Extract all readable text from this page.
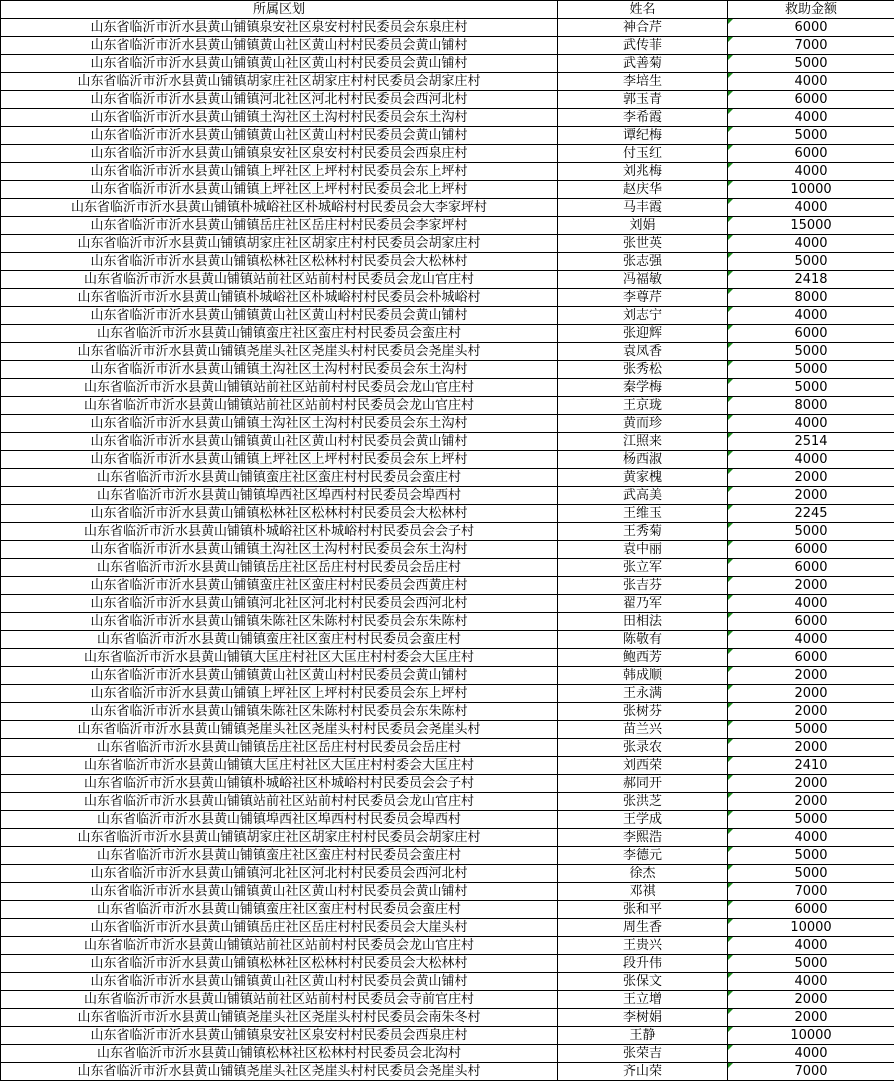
所属区划	姓名	救助金额
山东省临沂市沂水县黄山铺镇泉安社区泉安村村民委员会东泉庄村	神合芹	6000
山东省临沂市沂水县黄山铺镇黄山社区黄山村村民委员会黄山铺村	武传菲	7000
山东省临沂市沂水县黄山铺镇黄山社区黄山村村民委员会黄山铺村	武善菊	5000
山东省临沂市沂水县黄山铺镇胡家庄社区胡家庄村村民委员会胡家庄村	李培生	4000
山东省临沂市沂水县黄山铺镇河北社区河北村村民委员会西河北村	郭玉青	6000
山东省临沂市沂水县黄山铺镇土沟社区土沟村村民委员会东土沟村	李希霞	4000
山东省临沂市沂水县黄山铺镇黄山社区黄山村村民委员会黄山铺村	谭纪梅	5000
山东省临沂市沂水县黄山铺镇泉安社区泉安村村民委员会西泉庄村	付玉红	6000
山东省临沂市沂水县黄山铺镇上坪社区上坪村村民委员会东上坪村	刘兆梅	4000
山东省临沂市沂水县黄山铺镇上坪社区上坪村村民委员会北上坪村	赵庆华	10000
山东省临沂市沂水县黄山铺镇朴城峪社区朴城峪村村民委员会大李家坪村	马丰霞	4000
山东省临沂市沂水县黄山铺镇岳庄社区岳庄村村民委员会李家坪村	刘娟	15000
山东省临沂市沂水县黄山铺镇胡家庄社区胡家庄村村民委员会胡家庄村	张世英	4000
山东省临沂市沂水县黄山铺镇松林社区松林村村民委员会大松林村	张志强	5000
山东省临沂市沂水县黄山铺镇站前社区站前村村民委员会龙山官庄村	冯福敏	2418
山东省临沂市沂水县黄山铺镇朴城峪社区朴城峪村村民委员会朴城峪村	李尊芹	8000
山东省临沂市沂水县黄山铺镇黄山社区黄山村村民委员会黄山铺村	刘志宁	4000
山东省临沂市沂水县黄山铺镇蛮庄社区蛮庄村村民委员会蛮庄村	张迎辉	6000
山东省临沂市沂水县黄山铺镇尧崖头社区尧崖头村村民委员会尧崖头村	袁凤香	5000
山东省临沂市沂水县黄山铺镇土沟社区土沟村村民委员会东土沟村	张秀松	5000
山东省临沂市沂水县黄山铺镇站前社区站前村村民委员会龙山官庄村	秦学梅	5000
山东省临沂市沂水县黄山铺镇站前社区站前村村民委员会龙山官庄村	王京珑	8000
山东省临沂市沂水县黄山铺镇土沟社区土沟村村民委员会东土沟村	黄而珍	4000
山东省临沂市沂水县黄山铺镇黄山社区黄山村村民委员会黄山铺村	江照来	2514
山东省临沂市沂水县黄山铺镇上坪社区上坪村村民委员会东上坪村	杨西淑	4000
山东省临沂市沂水县黄山铺镇蛮庄社区蛮庄村村民委员会蛮庄村	黄家槐	2000
山东省临沂市沂水县黄山铺镇埠西社区埠西村村民委员会埠西村	武高美	2000
山东省临沂市沂水县黄山铺镇松林社区松林村村民委员会大松林村	王维玉	2245
山东省临沂市沂水县黄山铺镇朴城峪社区朴城峪村村民委员会会子村	王秀菊	5000
山东省临沂市沂水县黄山铺镇土沟社区土沟村村民委员会东土沟村	袁中丽	6000
山东省临沂市沂水县黄山铺镇岳庄社区岳庄村村民委员会岳庄村	张立军	6000
山东省临沂市沂水县黄山铺镇蛮庄社区蛮庄村村民委员会西黄庄村	张吉芬	2000
山东省临沂市沂水县黄山铺镇河北社区河北村村民委员会西河北村	翟乃军	4000
山东省临沂市沂水县黄山铺镇朱陈社区朱陈村村民委员会东朱陈村	田相法	6000
山东省临沂市沂水县黄山铺镇蛮庄社区蛮庄村村民委员会蛮庄村	陈敬有	4000
山东省临沂市沂水县黄山铺镇大匡庄村社区大匡庄村村委会大匡庄村	鲍西芳	6000
山东省临沂市沂水县黄山铺镇黄山社区黄山村村民委员会黄山铺村	韩成顺	2000
山东省临沂市沂水县黄山铺镇上坪社区上坪村村民委员会东上坪村	王永满	2000
山东省临沂市沂水县黄山铺镇朱陈社区朱陈村村民委员会东朱陈村	张树芬	2000
山东省临沂市沂水县黄山铺镇尧崖头社区尧崖头村村民委员会尧崖头村	苗兰兴	5000
山东省临沂市沂水县黄山铺镇岳庄社区岳庄村村民委员会岳庄村	张录农	2000
山东省临沂市沂水县黄山铺镇大匡庄村社区大匡庄村村委会大匡庄村	刘西荣	2410
山东省临沂市沂水县黄山铺镇朴城峪社区朴城峪村村民委员会会子村	郝同开	2000
山东省临沂市沂水县黄山铺镇站前社区站前村村民委员会龙山官庄村	张洪芝	2000
山东省临沂市沂水县黄山铺镇埠西社区埠西村村民委员会埠西村	王学成	5000
山东省临沂市沂水县黄山铺镇胡家庄社区胡家庄村村民委员会胡家庄村	李熙浩	4000
山东省临沂市沂水县黄山铺镇蛮庄社区蛮庄村村民委员会蛮庄村	李德元	5000
山东省临沂市沂水县黄山铺镇河北社区河北村村民委员会西河北村	徐杰	5000
山东省临沂市沂水县黄山铺镇黄山社区黄山村村民委员会黄山铺村	邓祺	7000
山东省临沂市沂水县黄山铺镇蛮庄社区蛮庄村村民委员会蛮庄村	张和平	6000
山东省临沂市沂水县黄山铺镇岳庄社区岳庄村村民委员会大崖头村	周生香	10000
山东省临沂市沂水县黄山铺镇站前社区站前村村民委员会龙山官庄村	王贵兴	4000
山东省临沂市沂水县黄山铺镇松林社区松林村村民委员会大松林村	段升伟	5000
山东省临沂市沂水县黄山铺镇黄山社区黄山村村民委员会黄山铺村	张保文	4000
山东省临沂市沂水县黄山铺镇站前社区站前村村民委员会寺前官庄村	王立增	2000
山东省临沂市沂水县黄山铺镇尧崖头社区尧崖头村村民委员会南朱冬村	李树娟	2000
山东省临沂市沂水县黄山铺镇泉安社区泉安村村民委员会西泉庄村	王静	10000
山东省临沂市沂水县黄山铺镇松林社区松林村村民委员会北沟村	张荣吉	4000
山东省临沂市沂水县黄山铺镇尧崖头社区尧崖头村村民委员会尧崖头村	齐山荣	7000
